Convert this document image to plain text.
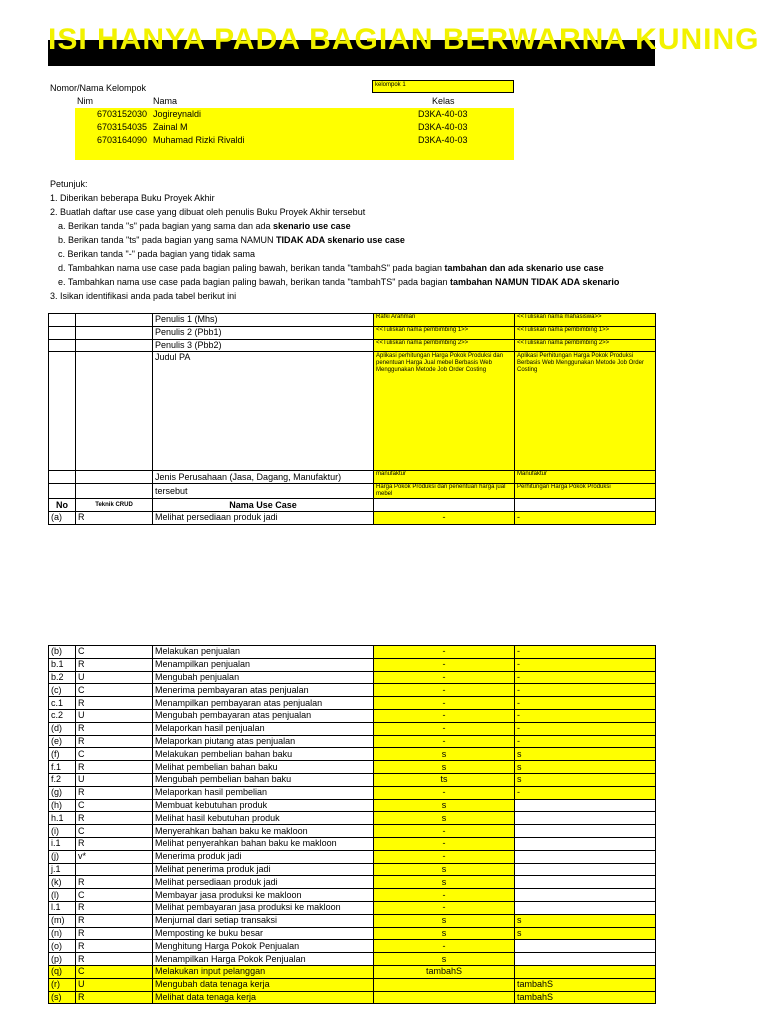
ISI HANYA PADA BAGIAN BERWARNA KUNING
Nomor/Nama Kelompok	kelompok 1
Nim	Nama	Kelas
6703152030 Jogireynaldi	D3KA-40-03
6703154035 Zainal M	D3KA-40-03
6703164090 Muhamad Rizki Rivaldi	D3KA-40-03
Petunjuk:
1. Diberikan beberapa Buku Proyek Akhir
2. Buatlah daftar use case yang dibuat oleh penulis Buku Proyek Akhir tersebut
a. Berikan tanda "s" pada bagian yang sama dan ada skenario use case
b. Berikan tanda "ts" pada bagian yang sama NAMUN TIDAK ADA skenario use case
c. Berikan tanda "-" pada bagian yang tidak sama
d. Tambahkan nama use case pada bagian paling bawah, berikan tanda "tambahS" pada bagian tambahan dan ada skenario use case
e. Tambahkan nama use case pada bagian paling bawah, berikan tanda "tambahTS" pada bagian tambahan NAMUN TIDAK ADA skenario
3. Isikan identifikasi anda pada tabel berikut ini
		Penulis 1 (Mhs)	Rafki Arahman	<<Tuliskan nama mahasiswa>>
		Penulis 2 (Pbb1)	<<Tuliskan nama pembimbing 1>>	<<Tuliskan nama pembimbing 1>>
		Penulis 3 (Pbb2)	<<Tuliskan nama pembimbing 2>>	<<Tuliskan nama pembimbing 2>>
		Judul PA	Aplikasi perhitungan Harga Pokok Produksi dan penentuan Harga Jual mebel Berbasis Web Menggunakan Metode Job Order Costing	Aplikasi Perhitungan Harga Pokok Produksi Berbasis Web Menggunakan Metode Job Order Costing
		Jenis Perusahaan (Jasa, Dagang, Manufaktur)	manufaktur	Manufaktur
		tersebut	Harga Pokok Produksi dan penentuan harga jual mebel	Perhitungan Harga Pokok Produksi
No	Teknik CRUD	Nama Use Case		
(a)	R	Melihat persediaan produk jadi	-	-
(b)	C	Melakukan penjualan	-	-
b.1	R	Menampilkan penjualan	-	-
b.2	U	Mengubah penjualan	-	-
(c)	C	Menerima pembayaran atas penjualan	-	-
c.1	R	Menampilkan pembayaran atas penjualan	-	-
c.2	U	Mengubah pembayaran atas penjualan	-	-
(d)	R	Melaporkan hasil penjualan	-	-
(e)	R	Melaporkan piutang atas penjualan	-	-
(f)	C	Melakukan pembelian bahan baku	s	s
f.1	R	Melihat pembelian bahan baku	s	s
f.2	U	Mengubah pembelian bahan baku	ts	s
(g)	R	Melaporkan hasil pembelian	-	-
(h)	C	Membuat kebutuhan produk	s	
h.1	R	Melihat hasil kebutuhan produk	s	
(i)	C	Menyerahkan bahan baku ke makloon	-	
i.1	R	Melihat penyerahkan bahan baku ke makloon	-	
(j)	v*	Menerima produk jadi	-	
j.1		Melihat penerima produk jadi	s	
(k)	R	Melihat persediaan produk jadi	s	
(l)	C	Membayar jasa produksi ke makloon	-	
l.1	R	Melihat pembayaran jasa produksi ke makloon	-	
(m)	R	Menjurnal dari setiap transaksi	s	s
(n)	R	Memposting ke buku besar	s	s
(o)	R	Menghitung Harga Pokok Penjualan	-	
(p)	R	Menampilkan Harga Pokok Penjualan	s	
(q)	C	Melakukan input pelanggan	tambahS	
(r)	U	Mengubah data tenaga kerja		tambahS
(s)	R	Melihat data tenaga kerja		tambahS
